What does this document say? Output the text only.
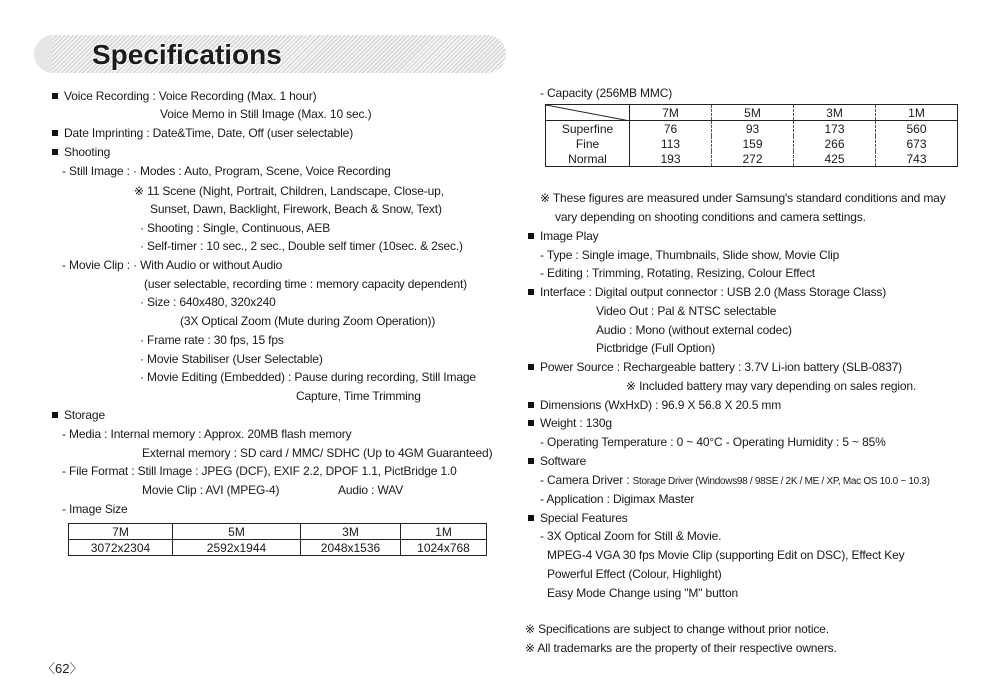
Specifications
Voice Recording : Voice Recording (Max. 1 hour)
Voice Memo in Still Image (Max. 10 sec.)
Date Imprinting : Date&Time, Date, Off (user selectable)
Shooting
- Still Image : · Modes : Auto, Program, Scene, Voice Recording
※ 11 Scene (Night, Portrait, Children, Landscape, Close-up,
Sunset, Dawn, Backlight, Firework, Beach & Snow, Text)
· Shooting : Single, Continuous, AEB
· Self-timer : 10 sec., 2 sec., Double self timer (10sec. & 2sec.)
- Movie Clip : · With Audio or without Audio
(user selectable, recording time : memory capacity dependent)
· Size : 640x480, 320x240
(3X Optical Zoom (Mute during Zoom Operation))
· Frame rate : 30 fps, 15 fps
· Movie Stabiliser (User Selectable)
· Movie Editing (Embedded) : Pause during recording, Still Image
Capture, Time Trimming
Storage
- Media : Internal memory : Approx. 20MB flash memory
External memory : SD card / MMC/ SDHC (Up to 4GM Guaranteed)
- File Format : Still Image : JPEG (DCF), EXIF 2.2, DPOF 1.1, PictBridge 1.0
Movie Clip : AVI (MPEG-4)	Audio : WAV
- Image Size
7M	5M	3M	1M
3072x2304	2592x1944	2048x1536	1024x768
〈62〉
- Capacity (256MB MMC)
	7M	5M	3M	1M
Superfine	76	93	173	560
Fine	113	159	266	673
Normal	193	272	425	743
※ These figures are measured under Samsung's standard conditions and may
vary depending on shooting conditions and camera settings.
Image Play
- Type : Single image, Thumbnails, Slide show, Movie Clip
- Editing : Trimming, Rotating, Resizing, Colour Effect
Interface : Digital output connector : USB 2.0 (Mass Storage Class)
Video Out : Pal & NTSC selectable
Audio : Mono (without external codec)
Pictbridge (Full Option)
Power Source : Rechargeable battery : 3.7V Li-ion battery (SLB-0837)
※ Included battery may vary depending on sales region.
Dimensions (WxHxD) : 96.9 X 56.8 X 20.5 mm
Weight : 130g
- Operating Temperature : 0 ~ 40°C - Operating Humidity : 5 ~ 85%
Software
- Camera Driver : Storage Driver (Windows98 / 98SE / 2K / ME / XP, Mac OS 10.0 ~ 10.3)
- Application : Digimax Master
Special Features
- 3X Optical Zoom for Still & Movie.
MPEG-4 VGA 30 fps Movie Clip (supporting Edit on DSC), Effect Key
Powerful Effect (Colour, Highlight)
Easy Mode Change using "M" button
※ Specifications are subject to change without prior notice.
※ All trademarks are the property of their respective owners.
